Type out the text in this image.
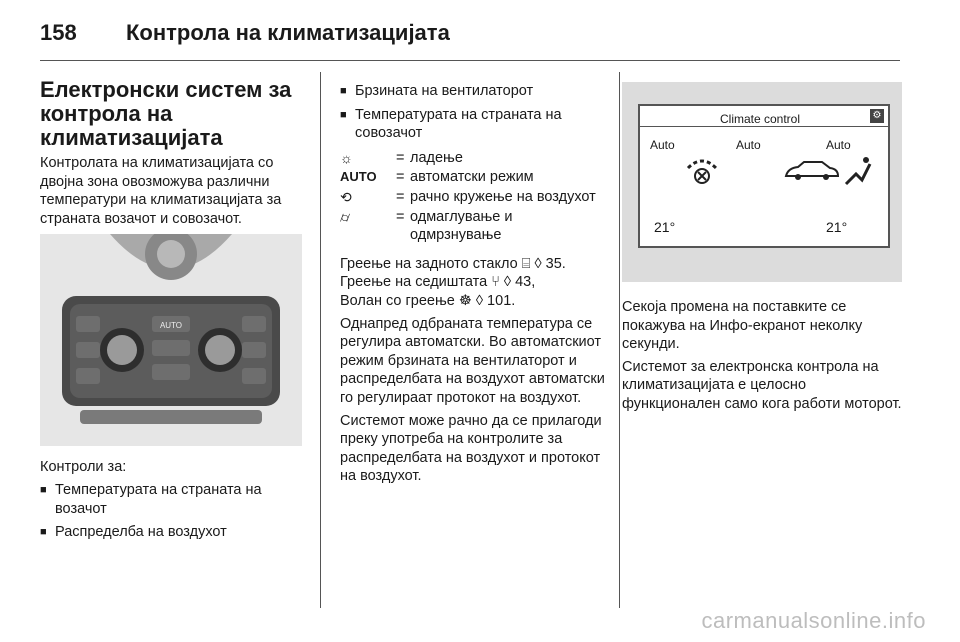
158 Контрола на климатизацијата
Електронски систем за контрола на климатизацијата

Контролата на климатизацијата со двојна зона овозможува различни температури на климатизацијата за страната возачот и совозачот.

AUTO

Контроли за:

■ Температурата на страната на возачот
■ Распределба на воздухот
■ Брзината на вентилаторот
■ Температурата на страната на совозачот
☼	= ладење
AUTO	= автоматски режим
⟲	= рачно кружење на воздухот
⌭	= одмаглување и одмрзнување

Греење на задното стакло ⌸ ◊ 35.

Греење на седиштата ⑂ ◊ 43,

Волан со греење ☸ ◊ 101.

Однапред одбраната температура се регулира автоматски. Во автоматскиот режим брзината на вентилаторот и распределбата на воздухот автоматски го регулираат протокот на воздухот.

Системот може рачно да се прилагоди преку употреба на контролите за распределбата на воздухот и протокот на воздухот.

Climate control	⚙
Auto	Auto	Auto
21°	21°

Секоја промена на поставките се покажува на Инфо-екранот неколку секунди.

Системот за електронска контрола на климатизацијата е целосно функционален само кога работи моторот.

carmanualsonline.info
